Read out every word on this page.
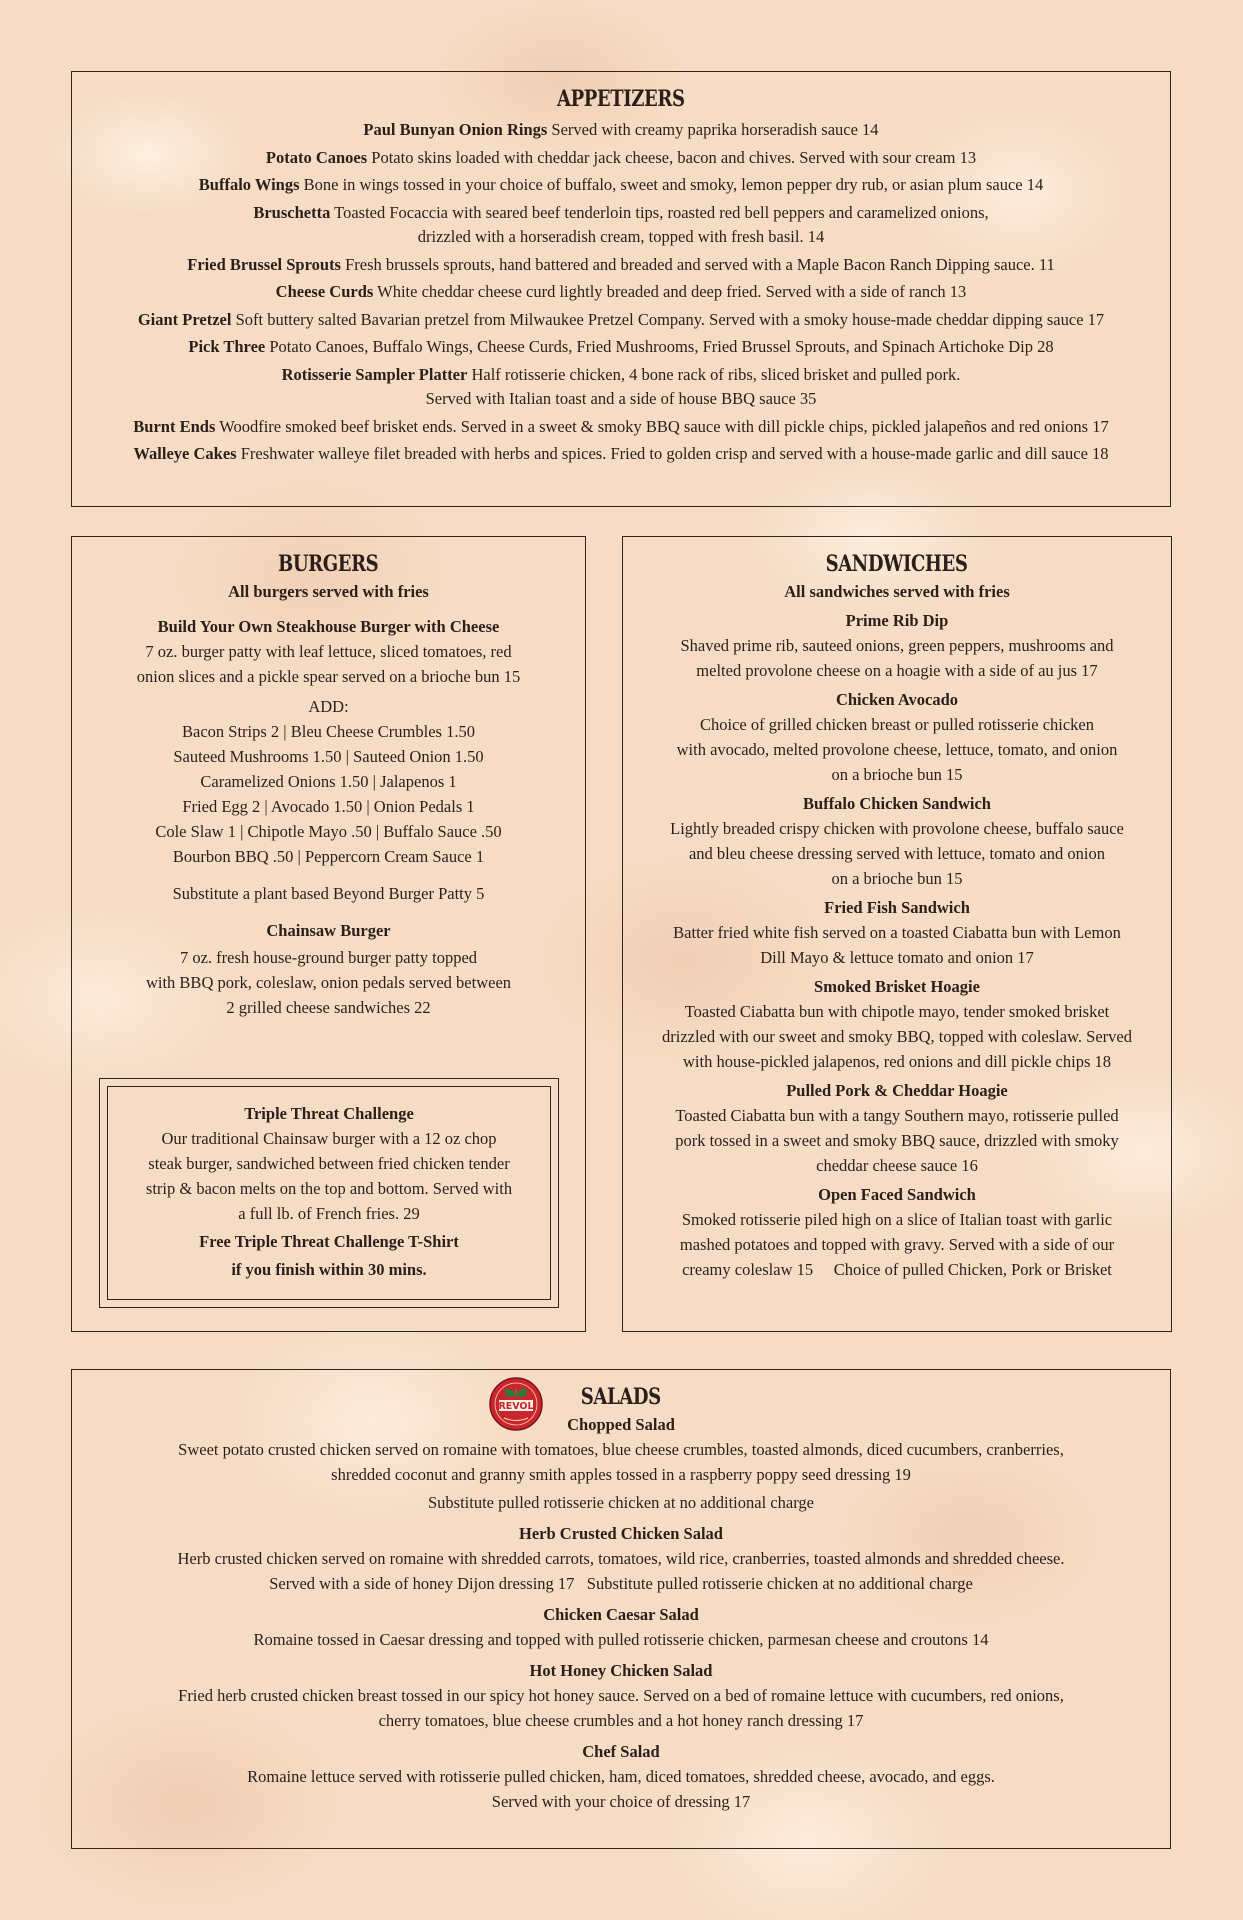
APPETIZERS
Paul Bunyan Onion Rings Served with creamy paprika horseradish sauce 14
Potato Canoes Potato skins loaded with cheddar jack cheese, bacon and chives. Served with sour cream 13
Buffalo Wings Bone in wings tossed in your choice of buffalo, sweet and smoky, lemon pepper dry rub, or asian plum sauce 14
Bruschetta Toasted Focaccia with seared beef tenderloin tips, roasted red bell peppers and caramelized onions,
drizzled with a horseradish cream, topped with fresh basil. 14
Fried Brussel Sprouts Fresh brussels sprouts, hand battered and breaded and served with a Maple Bacon Ranch Dipping sauce. 11
Cheese Curds White cheddar cheese curd lightly breaded and deep fried. Served with a side of ranch 13
Giant Pretzel Soft buttery salted Bavarian pretzel from Milwaukee Pretzel Company. Served with a smoky house-made cheddar dipping sauce 17
Pick Three Potato Canoes, Buffalo Wings, Cheese Curds, Fried Mushrooms, Fried Brussel Sprouts, and Spinach Artichoke Dip 28
Rotisserie Sampler Platter Half rotisserie chicken, 4 bone rack of ribs, sliced brisket and pulled pork.
Served with Italian toast and a side of house BBQ sauce 35
Burnt Ends Woodfire smoked beef brisket ends. Served in a sweet & smoky BBQ sauce with dill pickle chips, pickled jalapeños and red onions 17
Walleye Cakes Freshwater walleye filet breaded with herbs and spices. Fried to golden crisp and served with a house-made garlic and dill sauce 18
BURGERS
All burgers served with fries
Build Your Own Steakhouse Burger with Cheese
7 oz. burger patty with leaf lettuce, sliced tomatoes, red
onion slices and a pickle spear served on a brioche bun 15
ADD:
Bacon Strips 2 | Bleu Cheese Crumbles 1.50
Sauteed Mushrooms 1.50 | Sauteed Onion 1.50
Caramelized Onions 1.50 | Jalapenos 1
Fried Egg 2 | Avocado 1.50 | Onion Pedals 1
Cole Slaw 1 | Chipotle Mayo .50 | Buffalo Sauce .50
Bourbon BBQ .50 | Peppercorn Cream Sauce 1
Substitute a plant based Beyond Burger Patty 5
Chainsaw Burger
7 oz. fresh house-ground burger patty topped
with BBQ pork, coleslaw, onion pedals served between
2 grilled cheese sandwiches 22
Triple Threat Challenge
Our traditional Chainsaw burger with a 12 oz chop
steak burger, sandwiched between fried chicken tender
strip & bacon melts on the top and bottom. Served with
a full lb. of French fries. 29
Free Triple Threat Challenge T-Shirt
if you finish within 30 mins.
SANDWICHES
All sandwiches served with fries
Prime Rib Dip
Shaved prime rib, sauteed onions, green peppers, mushrooms and
melted provolone cheese on a hoagie with a side of au jus 17
Chicken Avocado
Choice of grilled chicken breast or pulled rotisserie chicken
with avocado, melted provolone cheese, lettuce, tomato, and onion
on a brioche bun 15
Buffalo Chicken Sandwich
Lightly breaded crispy chicken with provolone cheese, buffalo sauce
and bleu cheese dressing served with lettuce, tomato and onion
on a brioche bun 15
Fried Fish Sandwich
Batter fried white fish served on a toasted Ciabatta bun with Lemon
Dill Mayo & lettuce tomato and onion 17
Smoked Brisket Hoagie
Toasted Ciabatta bun with chipotle mayo, tender smoked brisket
drizzled with our sweet and smoky BBQ, topped with coleslaw. Served
with house-pickled jalapenos, red onions and dill pickle chips 18
Pulled Pork & Cheddar Hoagie
Toasted Ciabatta bun with a tangy Southern mayo, rotisserie pulled
pork tossed in a sweet and smoky BBQ sauce, drizzled with smoky
cheddar cheese sauce 16
Open Faced Sandwich
Smoked rotisserie piled high on a slice of Italian toast with garlic
mashed potatoes and topped with gravy. Served with a side of our
creamy coleslaw 15     Choice of pulled Chicken, Pork or Brisket
REVOL	SALADS
Chopped Salad
Sweet potato crusted chicken served on romaine with tomatoes, blue cheese crumbles, toasted almonds, diced cucumbers, cranberries,
shredded coconut and granny smith apples tossed in a raspberry poppy seed dressing 19
Substitute pulled rotisserie chicken at no additional charge
Herb Crusted Chicken Salad
Herb crusted chicken served on romaine with shredded carrots, tomatoes, wild rice, cranberries, toasted almonds and shredded cheese.
Served with a side of honey Dijon dressing 17   Substitute pulled rotisserie chicken at no additional charge
Chicken Caesar Salad
Romaine tossed in Caesar dressing and topped with pulled rotisserie chicken, parmesan cheese and croutons 14
Hot Honey Chicken Salad
Fried herb crusted chicken breast tossed in our spicy hot honey sauce. Served on a bed of romaine lettuce with cucumbers, red onions,
cherry tomatoes, blue cheese crumbles and a hot honey ranch dressing 17
Chef Salad
Romaine lettuce served with rotisserie pulled chicken, ham, diced tomatoes, shredded cheese, avocado, and eggs.
Served with your choice of dressing 17
